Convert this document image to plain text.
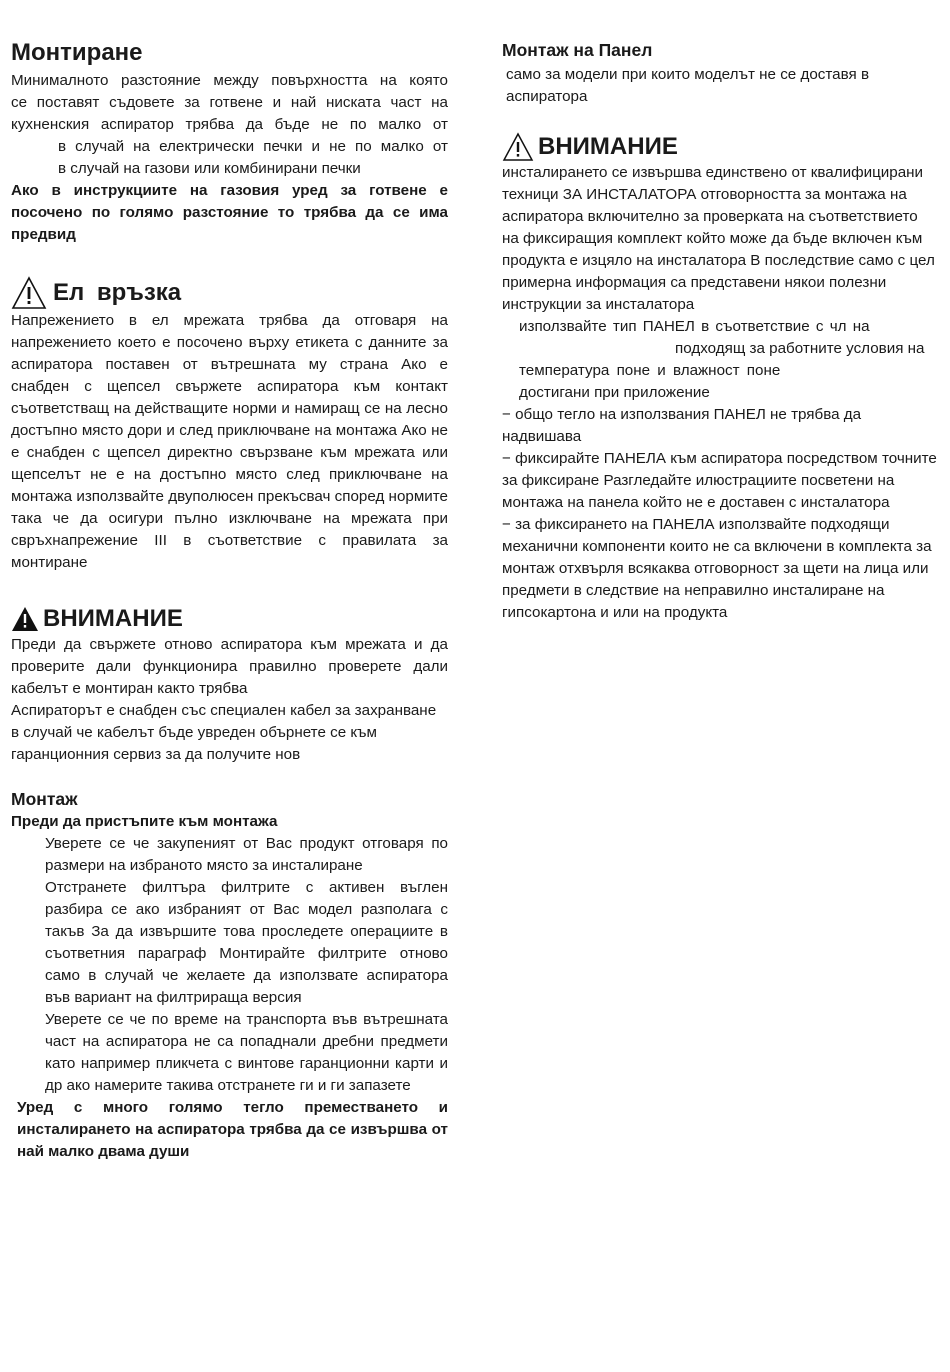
Монтиране

Минималното разстояние между повърхността на която

се поставят съдовете за готвене и най ниската част на

кухненския аспиратор трябва да бъде не по малко от

в случай на електрически печки и не по малко от

в случай на газови или комбинирани печки

Ако в инструкциите на газовия уред за готвене е посочено по голямо разстояние то трябва да се има предвид

Ел връзка

Напрежението в ел мрежата трябва да отговаря на напрежението което е посочено върху етикета с данните за аспиратора поставен от вътрешната му страна Ако е снабден с щепсел свържете аспиратора към контакт съответстващ на действащите норми и намиращ се на лесно достъпно място дори и след приключване на монтажа Ако не е снабден с щепсел директно свързване към мрежата или щепселът не е на достъпно място след приключване на монтажа използвайте двуполюсен прекъсвач според нормите така че да осигури пълно изключване на мрежата при свръхнапрежение III в съответствие с правилата за монтиране

ВНИМАНИЕ

Преди да свържете отново аспиратора към мрежата и да проверите дали функционира правилно проверете дали кабелът е монтиран както трябва

Аспираторът е снабден със специален кабел за захранване в случай че кабелът бъде увреден обърнете се към гаранционния сервиз за да получите нов

Монтаж

Преди да пристъпите към монтажа

Уверете се че закупеният от Вас продукт отговаря по размери на избраното място за инсталиране

Отстранете филтъра филтрите с активен въглен разбира се ако избраният от Вас модел разполага с такъв За да извършите това проследете операциите в съответния параграф Монтирайте филтрите отново само в случай че желаете да използвате аспиратора във вариант на филтрираща версия

Уверете се че по време на транспорта във вътрешната част на аспиратора не са попаднали дребни предмети като например пликчета с винтове гаранционни карти и др ако намерите такива отстранете ги и ги запазете

Уред с много голямо тегло преместването и инсталирането на аспиратора трябва да се извършва от най малко двама души

Монтаж на Панел

само за модели при които моделът не се доставя в аспиратора

ВНИМАНИЕ

инсталирането се извършва единствено от квалифицирани техници ЗА ИНСТАЛАТОРА отговорността за монтажа на аспиратора включително за проверката на съответствието на фиксиращия комплект който може да бъде включен към продукта е изцяло на инсталатора В последствие само с цел примерна информация са представени някои полезни инструкции за инсталатора

използвайте тип ПАНЕЛ в съответствие с чл на

подходящ за работните условия на

температура поне и влажност поне

достигани при приложение

− общо тегло на използвания ПАНЕЛ не трябва да надвишава

− фиксирайте ПАНЕЛА към аспиратора посредством точните за фиксиране Разгледайте илюстрациите посветени на монтажа на панела който не е доставен с инсталатора

− за фиксирането на ПАНЕЛА използвайте подходящи механични компоненти които не са включени в комплекта за монтаж отхвърля всякаква отговорност за щети на лица или предмети в следствие на неправилно инсталиране на гипсокартона и или на продукта
